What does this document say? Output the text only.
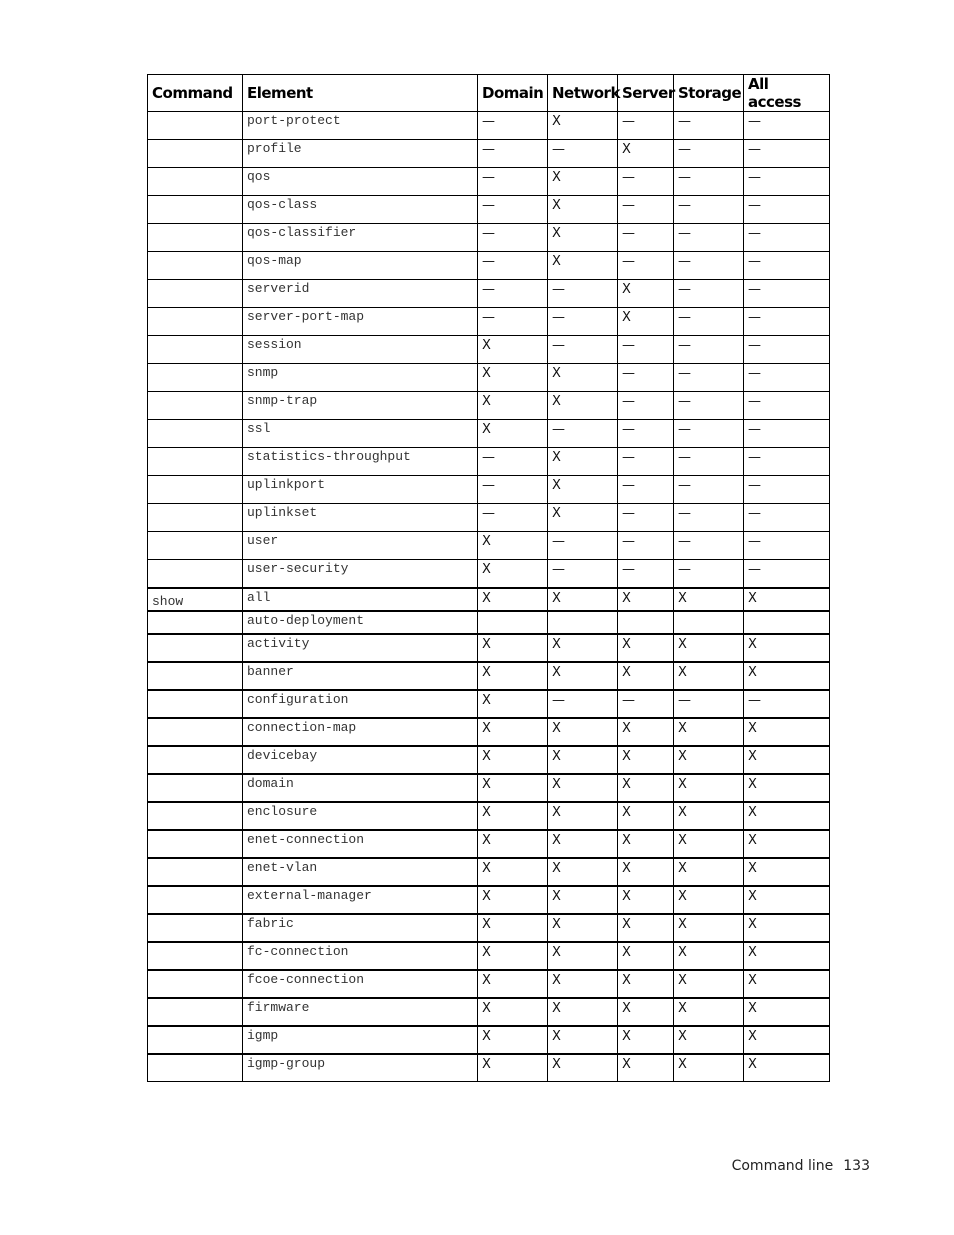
Command	Element	Domain	Network	Server	Storage	All access
	port-protect	—	X	—	—	—
	profile	—	—	X	—	—
	qos	—	X	—	—	—
	qos-class	—	X	—	—	—
	qos-classifier	—	X	—	—	—
	qos-map	—	X	—	—	—
	serverid	—	—	X	—	—
	server-port-map	—	—	X	—	—
	session	X	—	—	—	—
	snmp	X	X	—	—	—
	snmp-trap	X	X	—	—	—
	ssl	X	—	—	—	—
	statistics-throughput	—	X	—	—	—
	uplinkport	—	X	—	—	—
	uplinkset	—	X	—	—	—
	user	X	—	—	—	—
	user-security	X	—	—	—	—
show	all	X	X	X	X	X
	auto-deployment					
	activity	X	X	X	X	X
	banner	X	X	X	X	X
	configuration	X	—	—	—	—
	connection-map	X	X	X	X	X
	devicebay	X	X	X	X	X
	domain	X	X	X	X	X
	enclosure	X	X	X	X	X
	enet-connection	X	X	X	X	X
	enet-vlan	X	X	X	X	X
	external-manager	X	X	X	X	X
	fabric	X	X	X	X	X
	fc-connection	X	X	X	X	X
	fcoe-connection	X	X	X	X	X
	firmware	X	X	X	X	X
	igmp	X	X	X	X	X
	igmp-group	X	X	X	X	X
Command line 133
